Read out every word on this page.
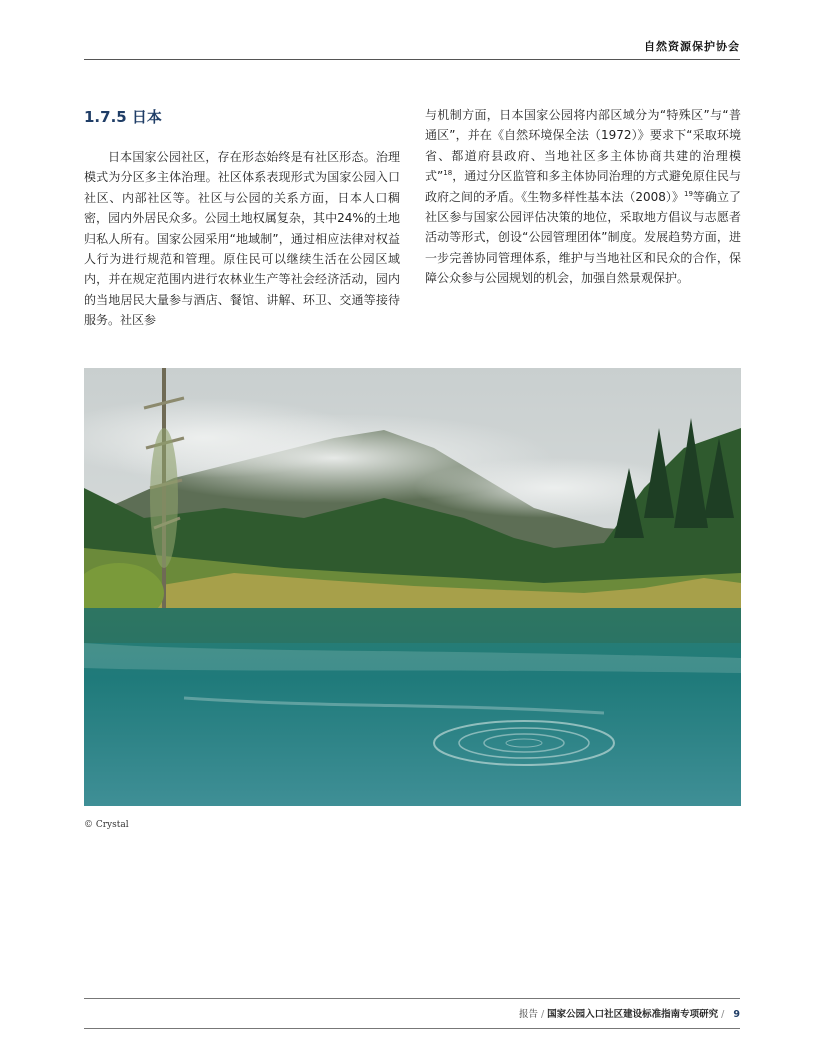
自然资源保护协会
1.7.5 日本

日本国家公园社区，存在形态始终是有社区形态。治理模式为分区多主体治理。社区体系表现形式为国家公园入口社区、内部社区等。社区与公园的关系方面，日本人口稠密，园内外居民众多。公园土地权属复杂，其中24%的土地归私人所有。国家公园采用“地域制”，通过相应法律对权益人行为进行规范和管理。原住民可以继续生活在公园区域内，并在规定范围内进行农林业生产等社会经济活动，园内的当地居民大量参与酒店、餐馆、讲解、环卫、交通等接待服务。社区参

与机制方面，日本国家公园将内部区域分为“特殊区”与“普通区”，并在《自然环境保全法（1972）》要求下“采取环境省、都道府县政府、当地社区多主体协商共建的治理模式”$^{18}$，通过分区监管和多主体协同治理的方式避免原住民与政府之间的矛盾。《生物多样性基本法（2008）》$^{19}$等确立了社区参与国家公园评估决策的地位，采取地方倡议与志愿者活动等形式，创设“公园管理团体”制度。发展趋势方面，进一步完善协同管理体系，维护与当地社区和民众的合作，保障公众参与公园规划的机会，加强自然景观保护。

© Crystal
报告 / 国家公园入口社区建设标准指南专项研究 / 9
